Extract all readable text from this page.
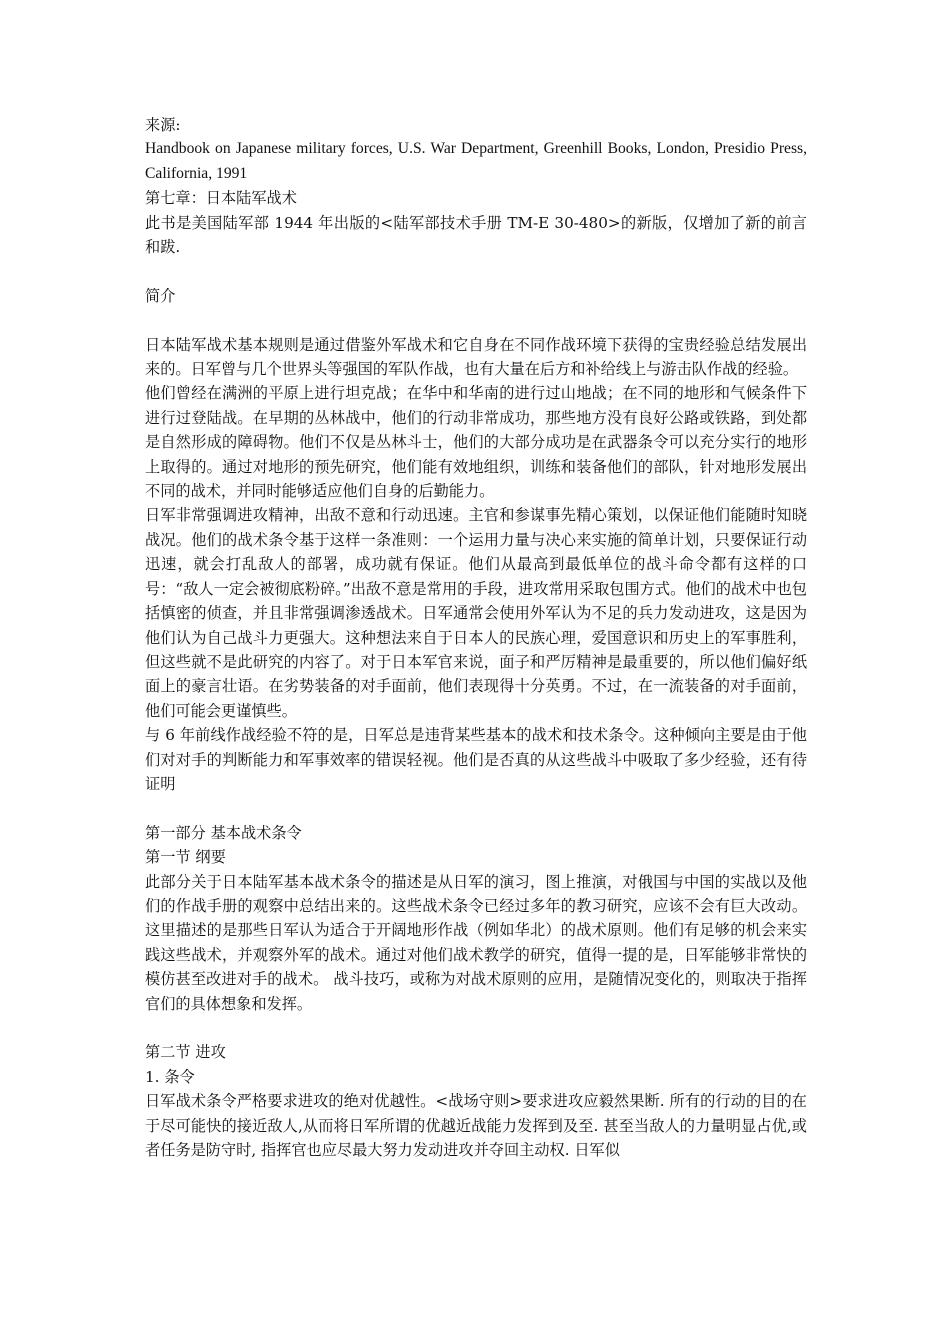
来源:

Handbook on Japanese military forces, U.S. War Department, Greenhill Books, London, Presidio Press, California, 1991

第七章：日本陆军战术

此书是美国陆军部 1944 年出版的<陆军部技术手册 TM-E 30-480>的新版，仅增加了新的前言和跋.

简介

日本陆军战术基本规则是通过借鉴外军战术和它自身在不同作战环境下获得的宝贵经验总结发展出来的。日军曾与几个世界头等强国的军队作战，也有大量在后方和补给线上与游击队作战的经验。

他们曾经在满洲的平原上进行坦克战；在华中和华南的进行过山地战；在不同的地形和气候条件下进行过登陆战。在早期的丛林战中，他们的行动非常成功，那些地方没有良好公路或铁路，到处都是自然形成的障碍物。他们不仅是丛林斗士，他们的大部分成功是在武器条令可以充分实行的地形上取得的。通过对地形的预先研究，他们能有效地组织，训练和装备他们的部队，针对地形发展出不同的战术，并同时能够适应他们自身的后勤能力。

日军非常强调进攻精神，出敌不意和行动迅速。主官和参谋事先精心策划，以保证他们能随时知晓战况。他们的战术条令基于这样一条准则：一个运用力量与决心来实施的简单计划，只要保证行动迅速，就会打乱敌人的部署，成功就有保证。他们从最高到最低单位的战斗命令都有这样的口号：“敌人一定会被彻底粉碎。”出敌不意是常用的手段，进攻常用采取包围方式。他们的战术中也包括慎密的侦查，并且非常强调渗透战术。日军通常会使用外军认为不足的兵力发动进攻，这是因为他们认为自己战斗力更强大。这种想法来自于日本人的民族心理，爱国意识和历史上的军事胜利，但这些就不是此研究的内容了。对于日本军官来说，面子和严厉精神是最重要的，所以他们偏好纸面上的豪言壮语。在劣势装备的对手面前，他们表现得十分英勇。不过，在一流装备的对手面前，他们可能会更谨慎些。

与 6 年前线作战经验不符的是，日军总是违背某些基本的战术和技术条令。这种倾向主要是由于他们对对手的判断能力和军事效率的错误轻视。他们是否真的从这些战斗中吸取了多少经验，还有待证明

第一部分 基本战术条令

第一节 纲要

此部分关于日本陆军基本战术条令的描述是从日军的演习，图上推演，对俄国与中国的实战以及他们的作战手册的观察中总结出来的。这些战术条令已经过多年的教习研究，应该不会有巨大改动。这里描述的是那些日军认为适合于开阔地形作战（例如华北）的战术原则。他们有足够的机会来实践这些战术，并观察外军的战术。通过对他们战术教学的研究，值得一提的是，日军能够非常快的模仿甚至改进对手的战术。 战斗技巧，或称为对战术原则的应用，是随情况变化的，则取决于指挥官们的具体想象和发挥。

第二节 进攻

1. 条令

日军战术条令严格要求进攻的绝对优越性。<战场守则>要求进攻应毅然果断. 所有的行动的目的在于尽可能快的接近敌人,从而将日军所谓的优越近战能力发挥到及至. 甚至当敌人的力量明显占优,或者任务是防守时, 指挥官也应尽最大努力发动进攻并夺回主动权. 日军似
